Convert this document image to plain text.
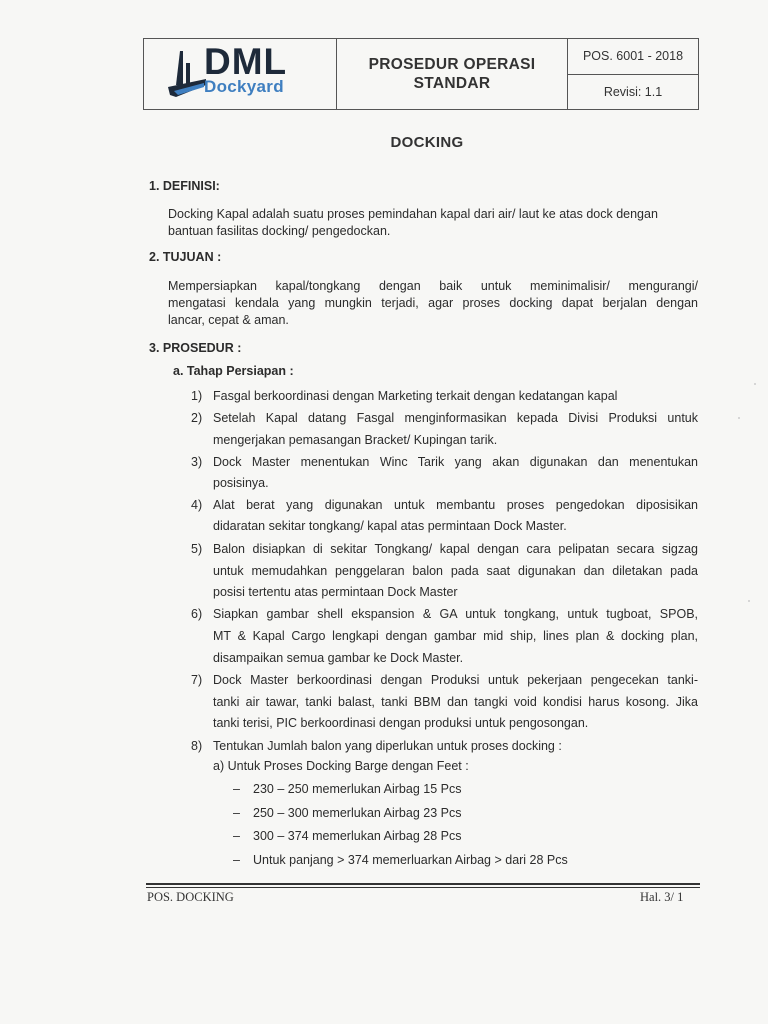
DML
Dockyard
PROSEDUR OPERASI
STANDAR
POS. 6001 - 2018
Revisi: 1.1
DOCKING
1. DEFINISI:
Docking Kapal adalah suatu proses pemindahan kapal dari air/ laut ke atas dock dengan
bantuan fasilitas docking/ pengedockan.
2. TUJUAN :
Mempersiapkan kapal/tongkang dengan baik untuk meminimalisir/ mengurangi/
mengatasi kendala yang mungkin terjadi, agar proses docking dapat berjalan dengan
lancar, cepat & aman.
3. PROSEDUR :
a. Tahap Persiapan :
1) Fasgal berkoordinasi dengan Marketing terkait dengan kedatangan kapal
2) Setelah Kapal datang Fasgal menginformasikan kepada Divisi Produksi untuk
mengerjakan pemasangan Bracket/ Kupingan tarik.
3) Dock Master menentukan Winc Tarik yang akan digunakan dan menentukan
posisinya.
4) Alat berat yang digunakan untuk membantu proses pengedokan diposisikan
didaratan sekitar tongkang/ kapal atas permintaan Dock Master.
5) Balon disiapkan di sekitar Tongkang/ kapal dengan cara pelipatan secara sigzag
untuk memudahkan penggelaran balon pada saat digunakan dan diletakan pada
posisi tertentu atas permintaan Dock Master
6) Siapkan gambar shell ekspansion & GA untuk tongkang, untuk tugboat, SPOB,
MT & Kapal Cargo lengkapi dengan gambar mid ship, lines plan & docking plan,
disampaikan semua gambar ke Dock Master.
7) Dock Master berkoordinasi dengan Produksi untuk pekerjaan pengecekan tanki-
tanki air tawar, tanki balast, tanki BBM dan tangki void kondisi harus kosong. Jika
tanki terisi, PIC berkoordinasi dengan produksi untuk pengosongan.
8) Tentukan Jumlah balon yang diperlukan untuk proses docking :
a) Untuk Proses Docking Barge dengan Feet :
– 230 – 250 memerlukan Airbag 15 Pcs
– 250 – 300 memerlukan Airbag 23 Pcs
– 300 – 374 memerlukan Airbag 28 Pcs
– Untuk panjang > 374 memerluarkan Airbag > dari 28 Pcs
POS. DOCKING	Hal. 3/ 1
